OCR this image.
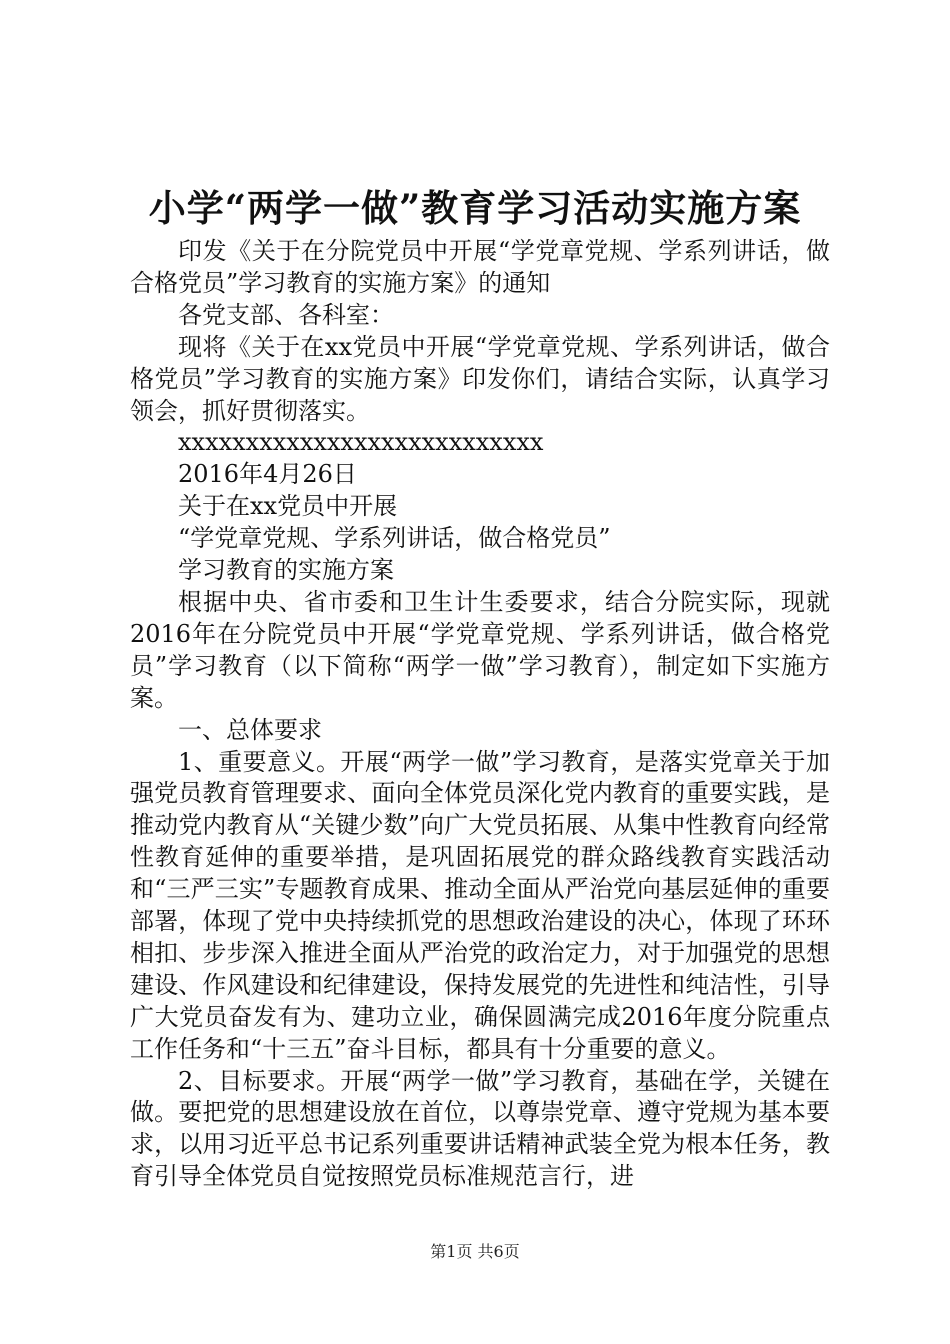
小学“两学一做”教育学习活动实施方案

印发《关于在分院党员中开展“学党章党规、学系列讲话，做合格党员”学习教育的实施方案》的通知

各党支部、各科室：

现将《关于在xx党员中开展“学党章党规、学系列讲话，做合格党员”学习教育的实施方案》印发你们，请结合实际，认真学习领会，抓好贯彻落实。

xxxxxxxxxxxxxxxxxxxxxxxxxxx

2016年4月26日

关于在xx党员中开展

“学党章党规、学系列讲话，做合格党员”

学习教育的实施方案

根据中央、省市委和卫生计生委要求，结合分院实际，现就2016年在分院党员中开展“学党章党规、学系列讲话，做合格党员”学习教育（以下简称“两学一做”学习教育），制定如下实施方案。

一、总体要求

1、重要意义。开展“两学一做”学习教育，是落实党章关于加强党员教育管理要求、面向全体党员深化党内教育的重要实践，是推动党内教育从“关键少数”向广大党员拓展、从集中性教育向经常性教育延伸的重要举措，是巩固拓展党的群众路线教育实践活动和“三严三实”专题教育成果、推动全面从严治党向基层延伸的重要部署，体现了党中央持续抓党的思想政治建设的决心，体现了环环相扣、步步深入推进全面从严治党的政治定力，对于加强党的思想建设、作风建设和纪律建设，保持发展党的先进性和纯洁性，引导广大党员奋发有为、建功立业，确保圆满完成2016年度分院重点工作任务和“十三五”奋斗目标，都具有十分重要的意义。

2、目标要求。开展“两学一做”学习教育，基础在学，关键在做。要把党的思想建设放在首位，以尊崇党章、遵守党规为基本要求，以用习近平总书记系列重要讲话精神武装全党为根本任务，教育引导全体党员自觉按照党员标准规范言行，进

第1页 共6页
